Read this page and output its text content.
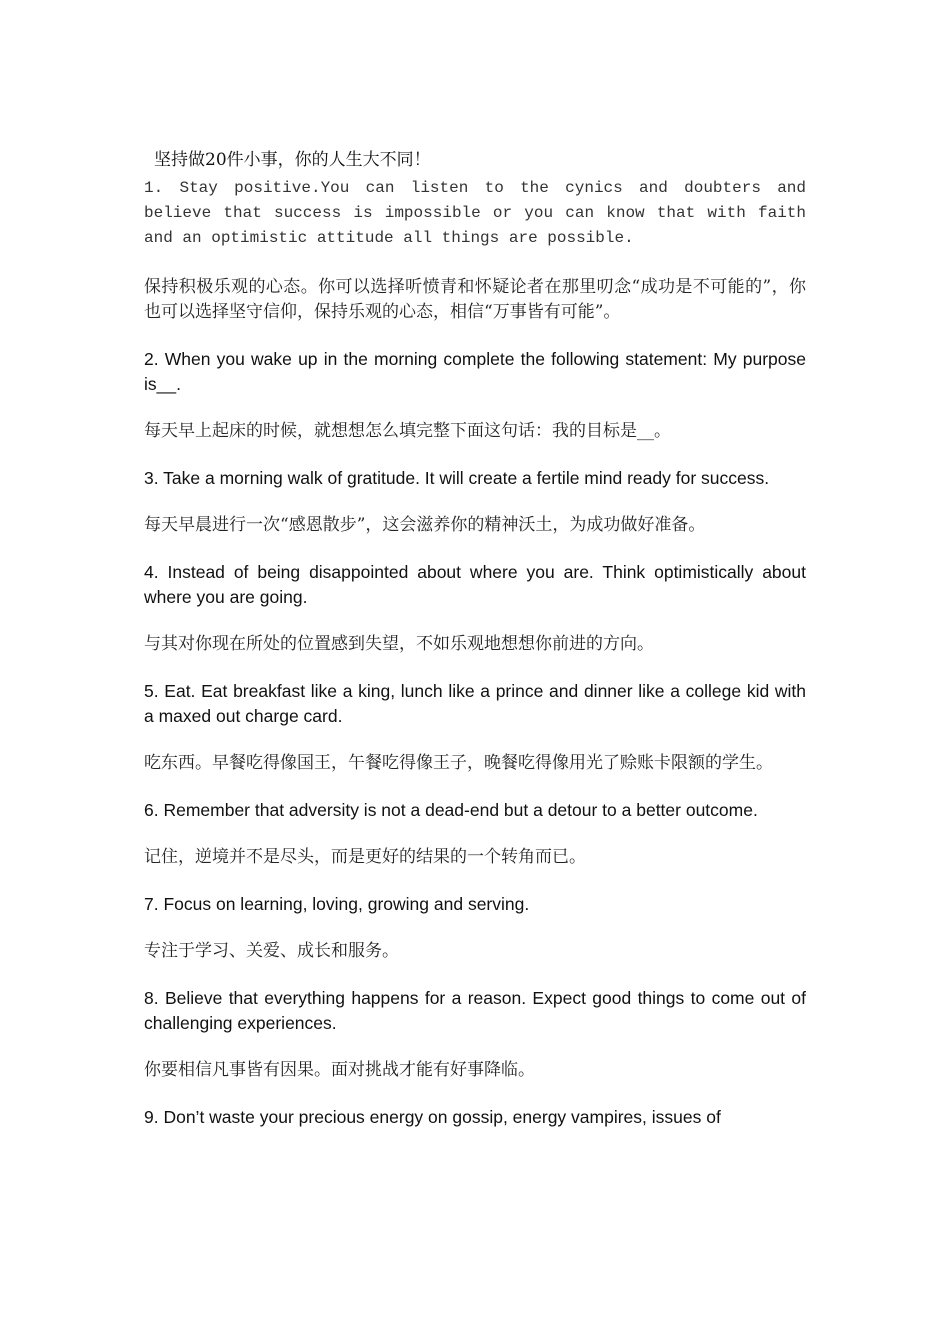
坚持做20件小事，你的人生大不同！

1. Stay positive.You can listen to the cynics and doubters and believe that success is impossible or you can know that with faith and an optimistic attitude all things are possible.

保持积极乐观的心态。你可以选择听愤青和怀疑论者在那里叨念“成功是不可能的”，你也可以选择坚守信仰，保持乐观的心态，相信“万事皆有可能”。

2. When you wake up in the morning complete the following statement: My purpose is__.

每天早上起床的时候，就想想怎么填完整下面这句话：我的目标是__。

3. Take a morning walk of gratitude. It will create a fertile mind ready for success.

每天早晨进行一次“感恩散步”，这会滋养你的精神沃土，为成功做好准备。

4. Instead of being disappointed about where you are. Think optimistically about where you are going.

与其对你现在所处的位置感到失望，不如乐观地想想你前进的方向。

5. Eat. Eat breakfast like a king, lunch like a prince and dinner like a college kid with a maxed out charge card.

吃东西。早餐吃得像国王，午餐吃得像王子，晚餐吃得像用光了赊账卡限额的学生。

6. Remember that adversity is not a dead-end but a detour to a better outcome.

记住，逆境并不是尽头，而是更好的结果的一个转角而已。

7. Focus on learning, loving, growing and serving.

专注于学习、关爱、成长和服务。

8. Believe that everything happens for a reason. Expect good things to come out of challenging experiences.

你要相信凡事皆有因果。面对挑战才能有好事降临。

9. Don’t waste your precious energy on gossip, energy vampires, issues of
